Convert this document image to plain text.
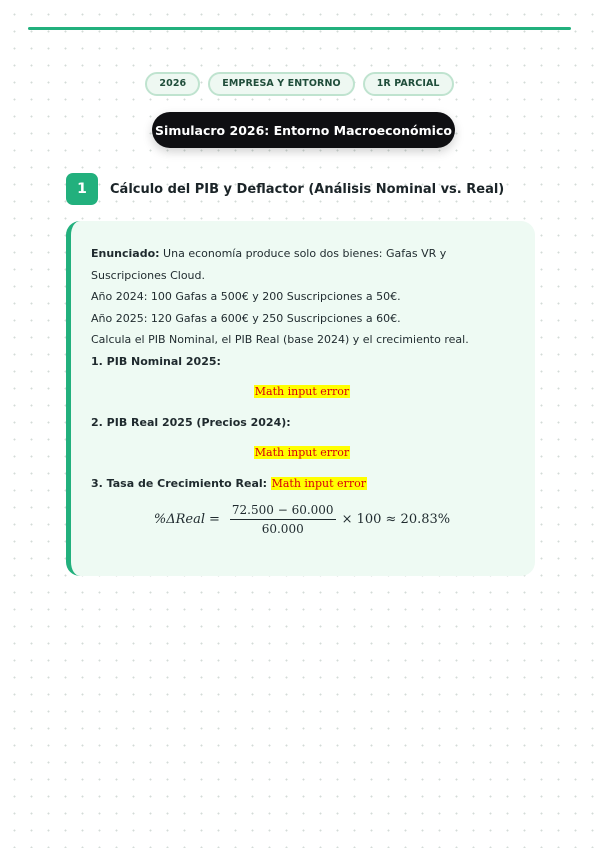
2026	EMPRESA Y ENTORNO	1R PARCIAL
Simulacro 2026: Entorno Macroeconómico
1	Cálculo del PIB y Deflactor (Análisis Nominal vs. Real)

Enunciado: Una economía produce solo dos bienes: Gafas VR y Suscripciones Cloud.

Año 2024: 100 Gafas a 500€ y 200 Suscripciones a 50€.

Año 2025: 120 Gafas a 600€ y 250 Suscripciones a 60€.

Calcula el PIB Nominal, el PIB Real (base 2024) y el crecimiento real.

1. PIB Nominal 2025:

Math input error

2. PIB Real 2025 (Precios 2024):

Math input error

3. Tasa de Crecimiento Real: Math input error

%ΔReal = $\frac{72.500 - 60.000}{60.000} \times 100 \approx 20.83\%$
